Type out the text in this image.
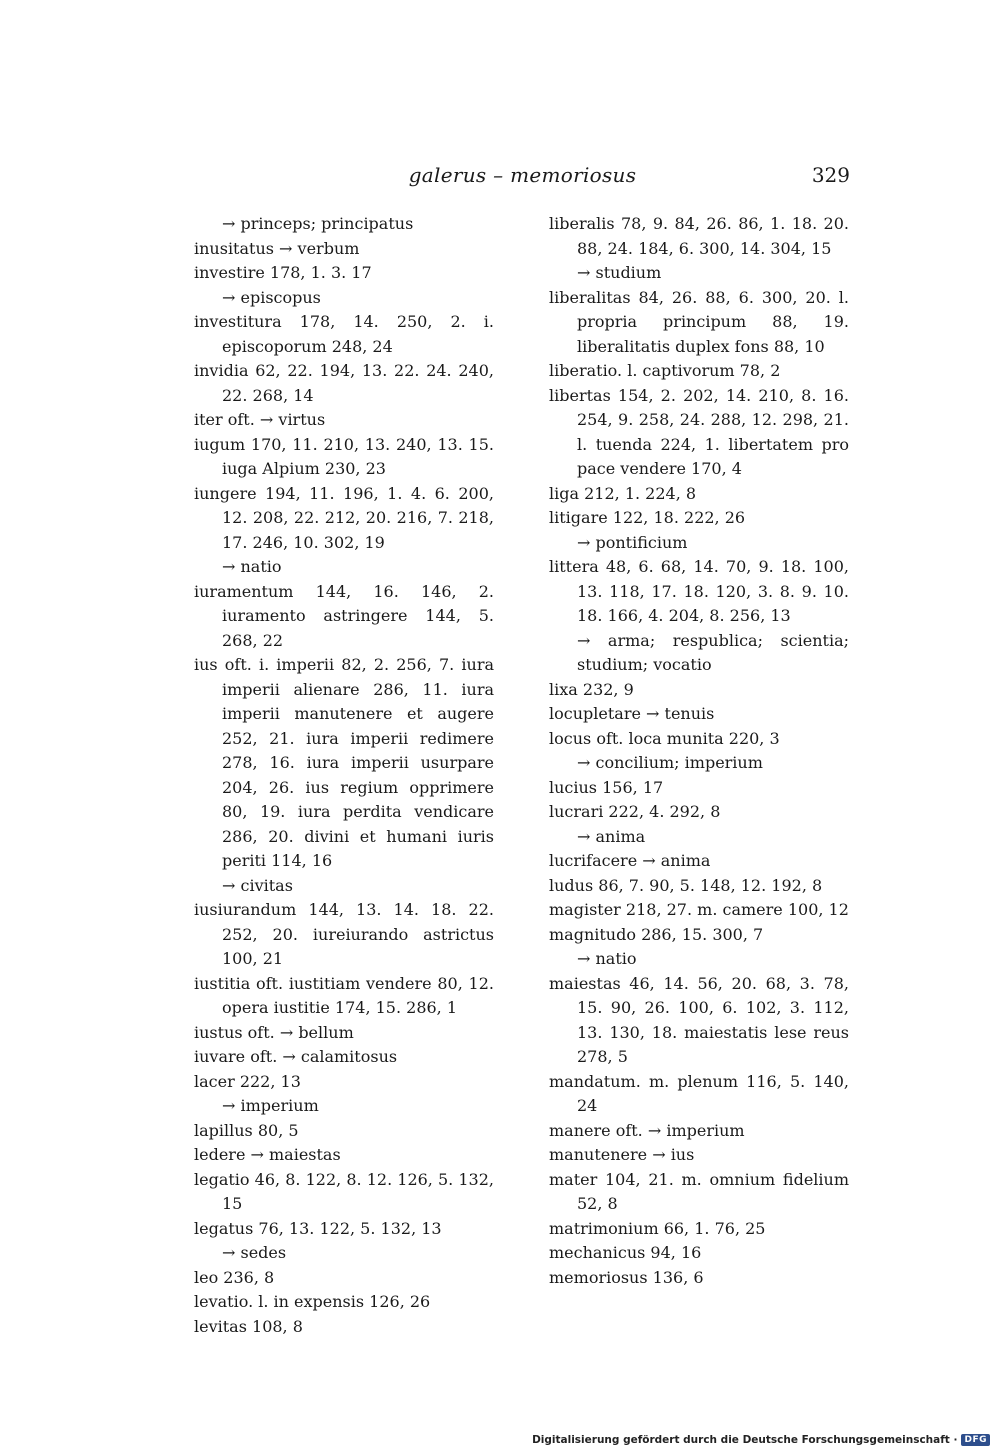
galerus – memoriosus	329
→ princeps; principatus
inusitatus → verbum
investire 178, 1. 3. 17
→ episcopus
investitura 178, 14. 250, 2. i. episcoporum 248, 24
invidia 62, 22. 194, 13. 22. 24. 240, 22. 268, 14
iter oft. → virtus
iugum 170, 11. 210, 13. 240, 13. 15. iuga Alpium 230, 23
iungere 194, 11. 196, 1. 4. 6. 200, 12. 208, 22. 212, 20. 216, 7. 218, 17. 246, 10. 302, 19
→ natio
iuramentum 144, 16. 146, 2. iuramento astringere 144, 5. 268, 22
ius oft. i. imperii 82, 2. 256, 7. iura imperii alienare 286, 11. iura imperii manutenere et augere 252, 21. iura imperii redimere 278, 16. iura imperii usurpare 204, 26. ius regium opprimere 80, 19. iura perdita vendicare 286, 20. divini et humani iuris periti 114, 16
→ civitas
iusiurandum 144, 13. 14. 18. 22. 252, 20. iureiurando astrictus 100, 21
iustitia oft. iustitiam vendere 80, 12. opera iustitie 174, 15. 286, 1
iustus oft. → bellum
iuvare oft. → calamitosus
lacer 222, 13
→ imperium
lapillus 80, 5
ledere → maiestas
legatio 46, 8. 122, 8. 12. 126, 5. 132, 15
legatus 76, 13. 122, 5. 132, 13
→ sedes
leo 236, 8
levatio. l. in expensis 126, 26
levitas 108, 8
liberalis 78, 9. 84, 26. 86, 1. 18. 20. 88, 24. 184, 6. 300, 14. 304, 15
→ studium
liberalitas 84, 26. 88, 6. 300, 20. l. propria principum 88, 19. liberalitatis duplex fons 88, 10
liberatio. l. captivorum 78, 2
libertas 154, 2. 202, 14. 210, 8. 16. 254, 9. 258, 24. 288, 12. 298, 21. l. tuenda 224, 1. libertatem pro pace vendere 170, 4
liga 212, 1. 224, 8
litigare 122, 18. 222, 26
→ pontificium
littera 48, 6. 68, 14. 70, 9. 18. 100, 13. 118, 17. 18. 120, 3. 8. 9. 10. 18. 166, 4. 204, 8. 256, 13
→ arma; respublica; scientia; studium; vocatio
lixa 232, 9
locupletare → tenuis
locus oft. loca munita 220, 3
→ concilium; imperium
lucius 156, 17
lucrari 222, 4. 292, 8
→ anima
lucrifacere → anima
ludus 86, 7. 90, 5. 148, 12. 192, 8
magister 218, 27. m. camere 100, 12
magnitudo 286, 15. 300, 7
→ natio
maiestas 46, 14. 56, 20. 68, 3. 78, 15. 90, 26. 100, 6. 102, 3. 112, 13. 130, 18. maiestatis lese reus 278, 5
mandatum. m. plenum 116, 5. 140, 24
manere oft. → imperium
manutenere → ius
mater 104, 21. m. omnium fidelium 52, 8
matrimonium 66, 1. 76, 25
mechanicus 94, 16
memoriosus 136, 6
Digitalisierung gefördert durch die Deutsche Forschungsgemeinschaft · DFG
